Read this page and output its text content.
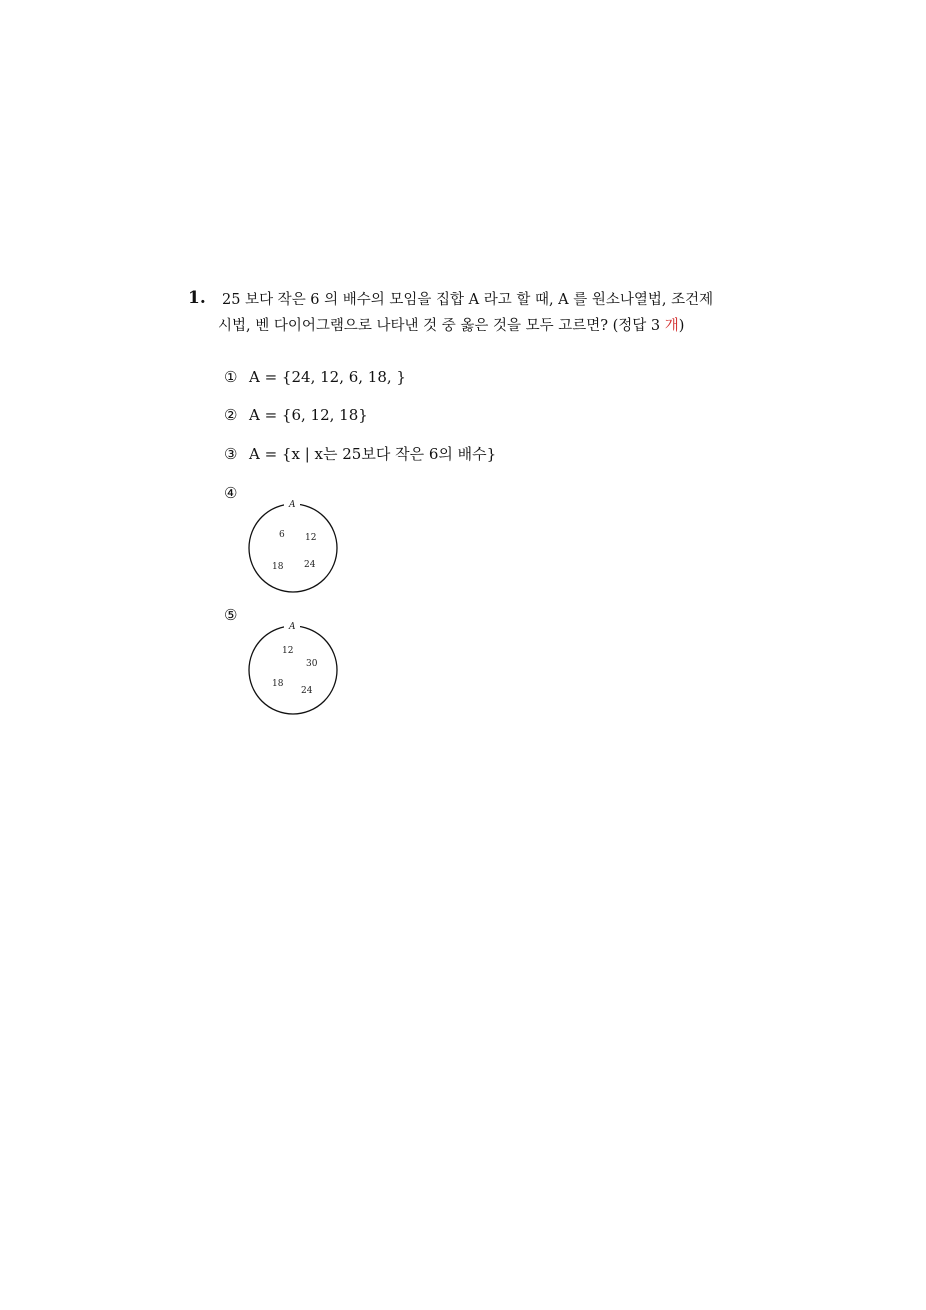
1. 25 보다 작은 6 의 배수의 모임을 집합 A 라고 할 때, A 를 원소나열법, 조건제
시법, 벤 다이어그램으로 나타낸 것 중 옳은 것을 모두 고르면? (정답 3 개)
① A = {24, 12, 6, 18, }
② A = {6, 12, 18}
③ A = {x | x는 25보다 작은 6의 배수}
④
A
6 12
18 24
⑤
A
12
30
18
24
